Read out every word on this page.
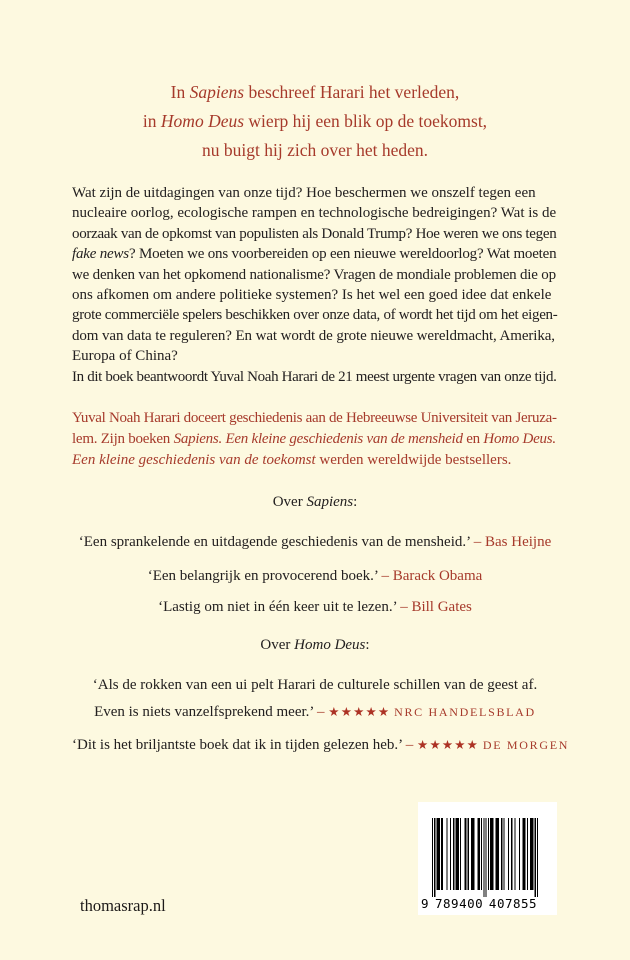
In Sapiens beschreef Harari het verleden,
in Homo Deus wierp hij een blik op de toekomst,
nu buigt hij zich over het heden.
Wat zijn de uitdagingen van onze tijd? Hoe beschermen we onszelf tegen een
nucleaire oorlog, ecologische rampen en technologische bedreigingen? Wat is de
oorzaak van de opkomst van populisten als Donald Trump? Hoe weren we ons tegen
fake news? Moeten we ons voorbereiden op een nieuwe wereldoorlog? Wat moeten
we denken van het opkomend nationalisme? Vragen de mondiale problemen die op
ons afkomen om andere politieke systemen? Is het wel een goed idee dat enkele
grote commerciële spelers beschikken over onze data, of wordt het tijd om het eigen-
dom van data te reguleren? En wat wordt de grote nieuwe wereldmacht, Amerika,
Europa of China?
In dit boek beantwoordt Yuval Noah Harari de 21 meest urgente vragen van onze tijd.
Yuval Noah Harari doceert geschiedenis aan de Hebreeuwse Universiteit van Jeruza-
lem. Zijn boeken Sapiens. Een kleine geschiedenis van de mensheid en Homo Deus.
Een kleine geschiedenis van de toekomst werden wereldwijde bestsellers.
Over Sapiens:
‘Een sprankelende en uitdagende geschiedenis van de mensheid.’ – Bas Heijne
‘Een belangrijk en provocerend boek.’ – Barack Obama
‘Lastig om niet in één keer uit te lezen.’ – Bill Gates
Over Homo Deus:
‘Als de rokken van een ui pelt Harari de culturele schillen van de geest af.
Even is niets vanzelfsprekend meer.’ – ★★★★★ NRC HANDELSBLAD
‘Dit is het briljantste boek dat ik in tijden gelezen heb.’ – ★★★★★ DE MORGEN
9 789400 407855
thomasrap.nl
